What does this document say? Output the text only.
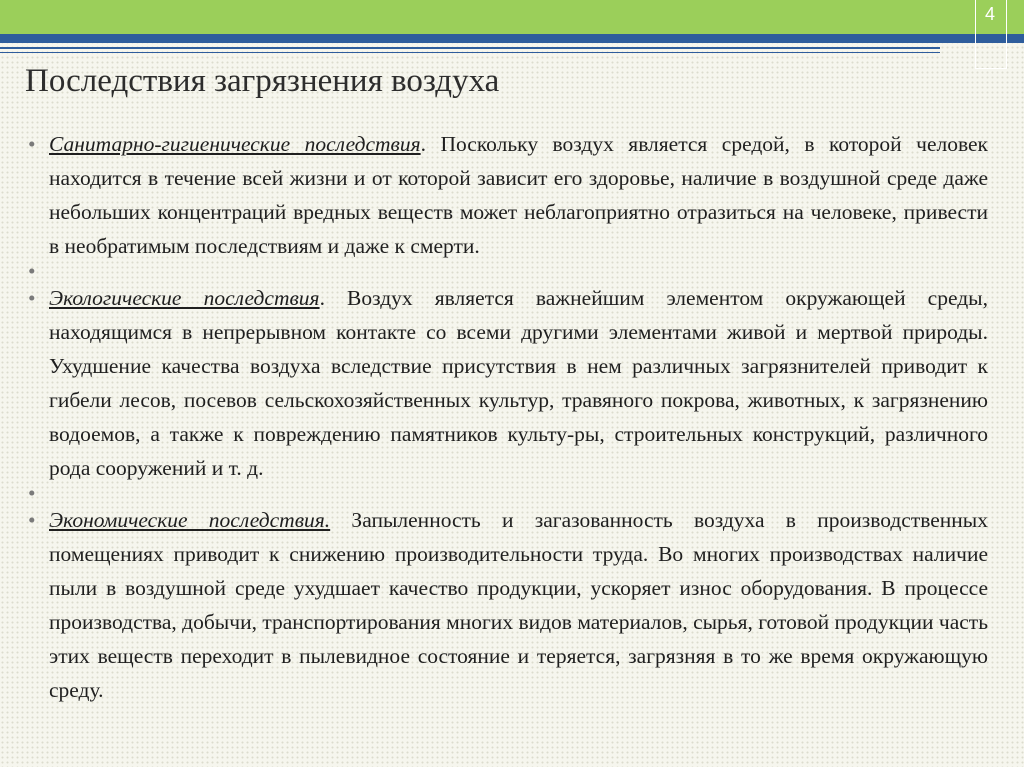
4
Последствия загрязнения воздуха
• Санитарно-гигиенические последствия. Поскольку воздух является средой, в которой человек находится в течение всей жизни и от которой зависит его здоровье, наличие в воздушной среде даже небольших концентраций вредных веществ может неблагоприятно отразиться на человеке, привести в необратимым последствиям и даже к смерти.
•
• Экологические последствия. Воздух является важнейшим элементом окружающей среды, находящимся в непрерывном контакте со всеми другими элементами живой и мертвой природы. Ухудшение качества воздуха вследствие присутствия в нем различных загрязнителей приводит к гибели лесов, посевов сельскохозяйственных культур, травяного покрова, животных, к загрязнению водоемов, а также к повреждению памятников культу-ры, строительных конструкций, различного рода сооружений и т. д.
•
• Экономические последствия. Запыленность и загазованность воздуха в производственных помещениях приводит к снижению производительности труда. Во многих производствах наличие пыли в воздушной среде ухудшает качество продукции, ускоряет износ оборудования. В процессе производства, добычи, транспортирования многих видов материалов, сырья, готовой продукции часть этих веществ переходит в пылевидное состояние и теряется, загрязняя в то же время окружающую среду.
